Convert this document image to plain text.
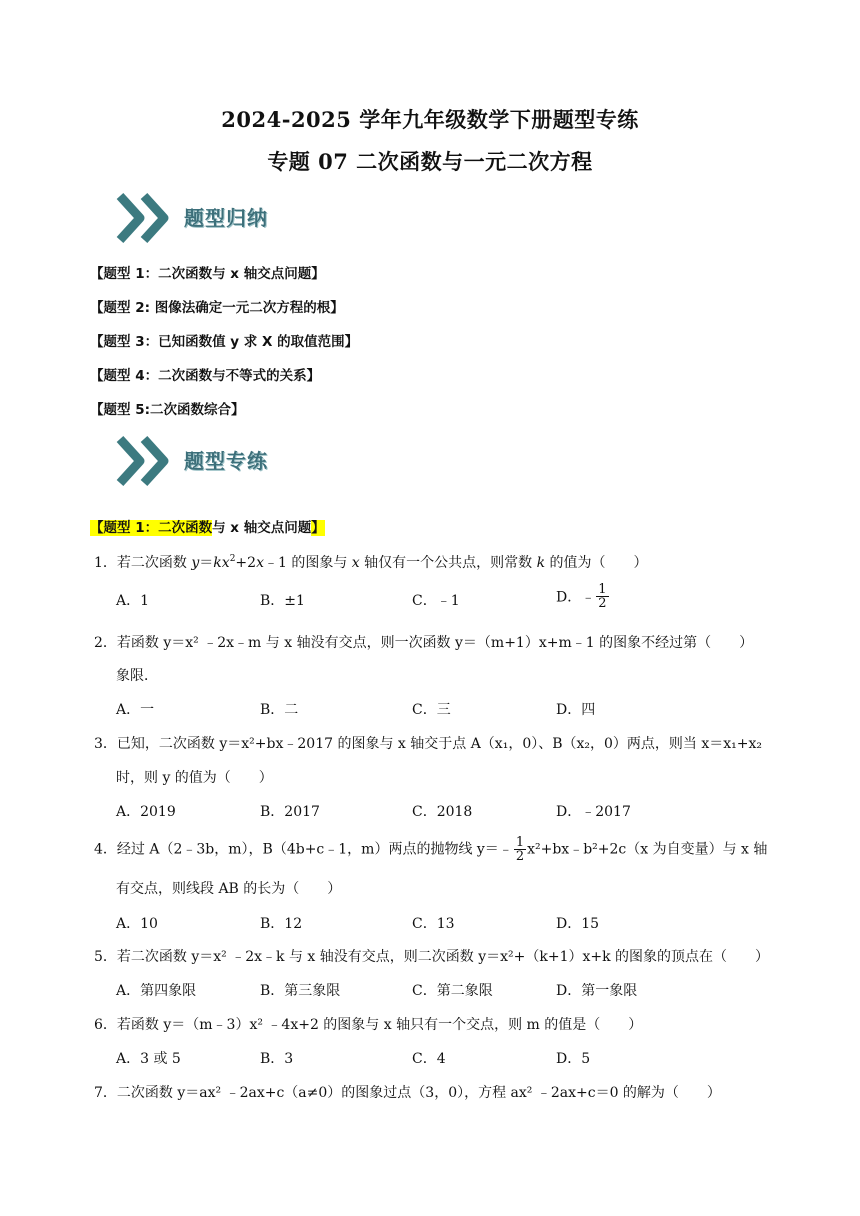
2024-2025 学年九年级数学下册题型专练
专题 07 二次函数与一元二次方程
题型归纳
【题型 1：二次函数与 x 轴交点问题】
【题型 2: 图像法确定一元二次方程的根】
【题型 3：已知函数值 y 求 X 的取值范围】
【题型 4：二次函数与不等式的关系】
【题型 5:二次函数综合】
题型专练
【题型 1：二次函数与 x 轴交点问题】
1．若二次函数 $y=kx^2+2x﹣1$ 的图象与 x 轴仅有一个公共点，则常数 k 的值为（　　）
A．1	B．±1	C．﹣1	D．﹣ $\frac{1}{2}$
2．若函数 y＝x² ﹣2x﹣m 与 x 轴没有交点，则一次函数 y＝（m+1）x+m﹣1 的图象不经过第（　　）
象限．
A．一	B．二	C．三	D．四
3．已知，二次函数 y＝x²+bx﹣2017 的图象与 x 轴交于点 A（x₁，0）、B（x₂，0）两点，则当 x＝x₁+x₂
时，则 y 的值为（　　）
A．2019	B．2017	C．2018	D．﹣2017
4．经过 A（2﹣3b，m），B（4b+c﹣1，m）两点的抛物线 y＝﹣ $\frac{1}{2}$ x²+bx﹣b²+2c（x 为自变量）与 x 轴
有交点，则线段 AB 的长为（　　）
A．10	B．12	C．13	D．15
5．若二次函数 y＝x² ﹣2x﹣k 与 x 轴没有交点，则二次函数 y＝x²+（k+1）x+k 的图象的顶点在（　　）
A．第四象限	B．第三象限	C．第二象限	D．第一象限
6．若函数 y＝（m﹣3）x² ﹣4x+2 的图象与 x 轴只有一个交点，则 m 的值是（　　）
A．3 或 5	B．3	C．4	D．5
7．二次函数 y＝ax² ﹣2ax+c（a≠0）的图象过点（3，0），方程 ax² ﹣2ax+c＝0 的解为（　　）
